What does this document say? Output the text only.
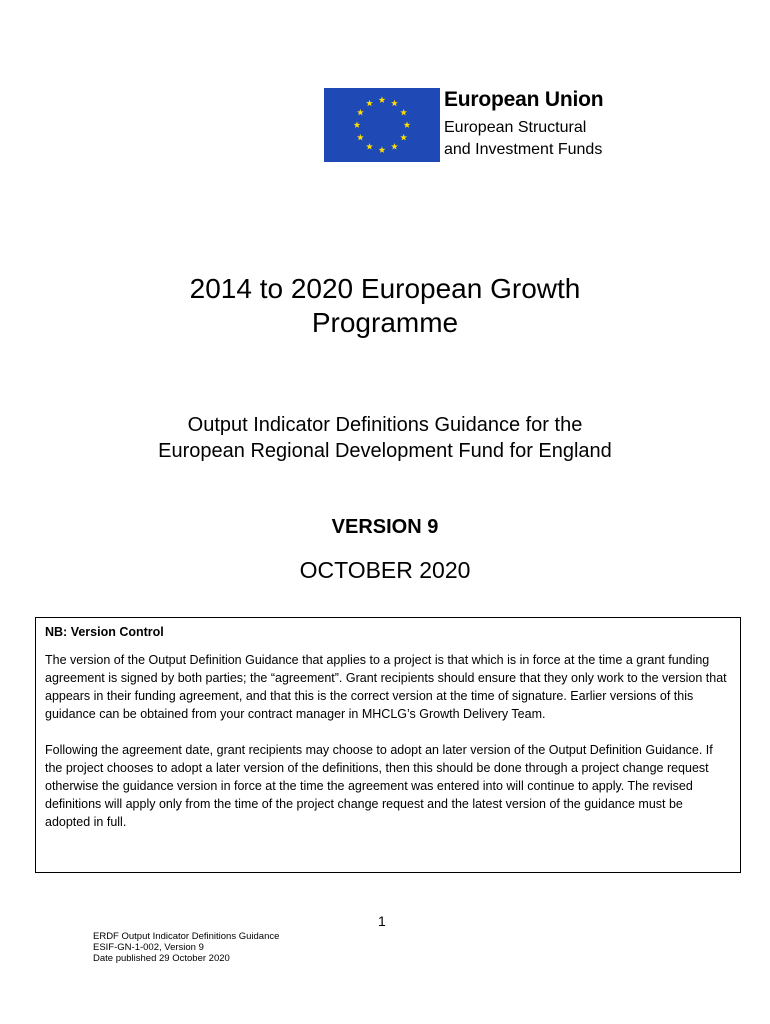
European Union
European Structural
and Investment Funds
2014 to 2020 European Growth
Programme
Output Indicator Definitions Guidance for the
European Regional Development Fund for England
VERSION 9
OCTOBER 2020

NB: Version Control

The version of the Output Definition Guidance that applies to a project is that which is in force at the time a grant funding agreement is signed by both parties; the “agreement”. Grant recipients should ensure that they only work to the version that appears in their funding agreement, and that this is the correct version at the time of signature. Earlier versions of this guidance can be obtained from your contract manager in MHCLG’s Growth Delivery Team.

Following the agreement date, grant recipients may choose to adopt an later version of the Output Definition Guidance. If the project chooses to adopt a later version of the definitions, then this should be done through a project change request otherwise the guidance version in force at the time the agreement was entered into will continue to apply. The revised definitions will apply only from the time of the project change request and the latest version of the guidance must be adopted in full.

1
ERDF Output Indicator Definitions Guidance
ESIF-GN-1-002, Version 9
Date published 29 October 2020
